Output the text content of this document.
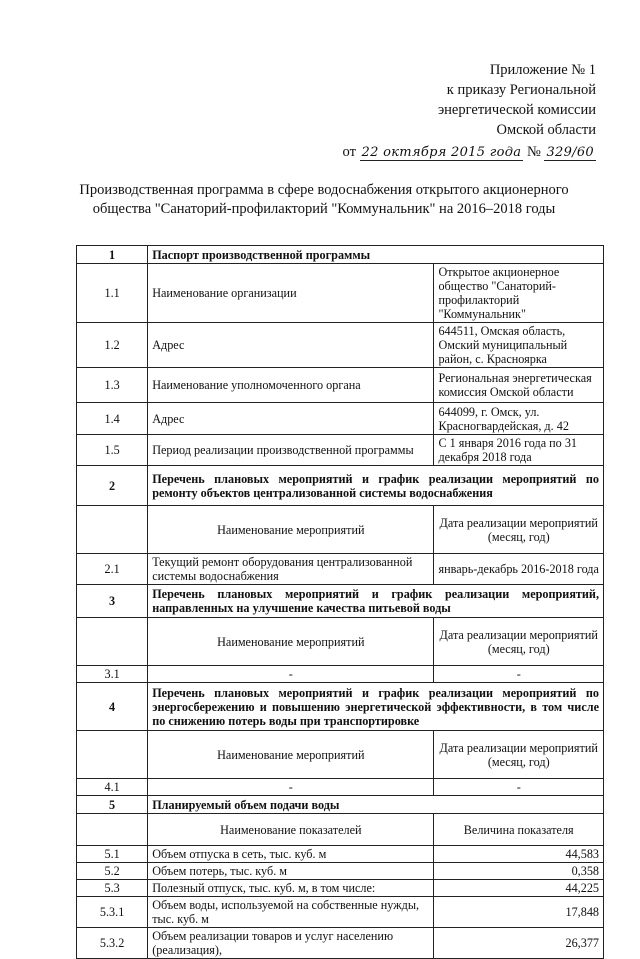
Приложение № 1
к приказу Региональной
энергетической комиссии
Омской области
от 22 октября 2015 года № 329/60
Производственная программа в сфере водоснабжения открытого акционерного общества "Санаторий-профилакторий "Коммунальник" на 2016–2018 годы
1	Паспорт производственной программы	
1.1	Наименование организации	Открытое акционерное общество "Санаторий-профилакторий "Коммунальник"
1.2	Адрес	644511, Омская область, Омский муниципальный район, с. Красноярка
1.3	Наименование уполномоченного органа	Региональная энергетическая комиссия Омской области
1.4	Адрес	644099, г. Омск, ул. Красногвардейская, д. 42
1.5	Период реализации производственной программы	С 1 января 2016 года по 31 декабря 2018 года
2	Перечень плановых мероприятий и график реализации мероприятий по ремонту объектов централизованной системы водоснабжения	
	Наименование мероприятий	Дата реализации мероприятий (месяц, год)
2.1	Текущий ремонт оборудования централизованной системы водоснабжения	январь-декабрь 2016-2018 года
3	Перечень плановых мероприятий и график реализации мероприятий, направленных на улучшение качества питьевой воды	
	Наименование мероприятий	Дата реализации мероприятий (месяц, год)
3.1	-	-
4	Перечень плановых мероприятий и график реализации мероприятий по энергосбережению и повышению энергетической эффективности, в том числе по снижению потерь воды при транспортировке	
	Наименование мероприятий	Дата реализации мероприятий (месяц, год)
4.1	-	-
5	Планируемый объем подачи воды	
	Наименование показателей	Величина показателя
5.1	Объем отпуска в сеть, тыс. куб. м	44,583
5.2	Объем потерь, тыс. куб. м	0,358
5.3	Полезный отпуск, тыс. куб. м, в том числе:	44,225
5.3.1	Объем воды, используемой на собственные нужды, тыс. куб. м	17,848
5.3.2	Объем реализации товаров и услуг населению (реализация),	26,377
